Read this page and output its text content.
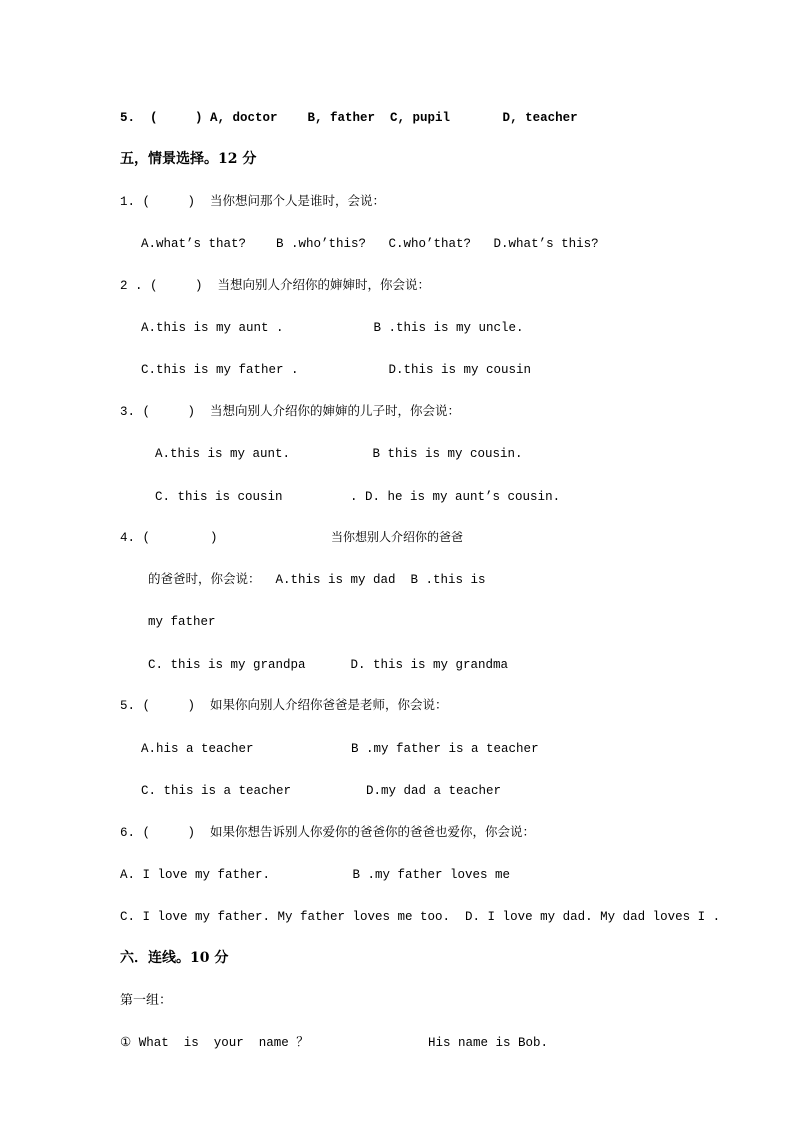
5.  (     ) A, doctor    B, father  C, pupil       D, teacher
五，情景选择。12 分
1. (     )  当你想问那个人是谁时，会说：
A.what’s that?    B .who’this?   C.who’that?   D.what’s this?
2 . (     )  当想向别人介绍你的婶婶时，你会说：
A.this is my aunt .            B .this is my uncle.
C.this is my father .            D.this is my cousin
3. (     )  当想向别人介绍你的婶婶的儿子时，你会说：
A.this is my aunt.           B this is my cousin.
C. this is cousin         . D. he is my aunt’s cousin.
4. (        )	当你想别人介绍你的爸爸
的爸爸时，你会说：  A.this is my dad  B .this is
my father
C. this is my grandpa      D. this is my grandma
5. (     )  如果你向别人介绍你爸爸是老师，你会说：
A.his a teacher             B .my father is a teacher
C. this is a teacher          D.my dad a teacher
6. (     )  如果你想告诉别人你爱你的爸爸你的爸爸也爱你，你会说：
A. I love my father.           B .my father loves me
C. I love my father. My father loves me too.  D. I love my dad. My dad loves I .
六．连线。10 分
第一组：
① What  is  your  name ？	His name is Bob.
